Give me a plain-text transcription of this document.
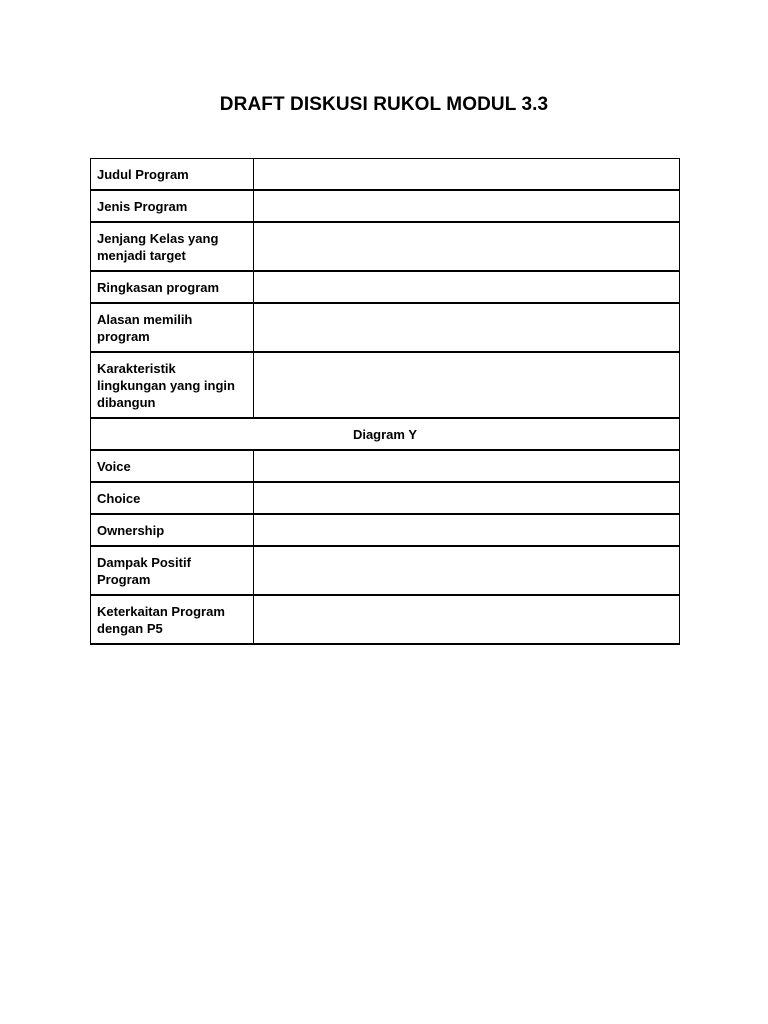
DRAFT DISKUSI RUKOL MODUL 3.3
Judul Program	
Jenis Program	
Jenjang Kelas yang menjadi target	
Ringkasan program	
Alasan memilih program	
Karakteristik lingkungan yang ingin dibangun	
Diagram Y	
Voice	
Choice	
Ownership	
Dampak Positif Program	
Keterkaitan Program dengan P5	
